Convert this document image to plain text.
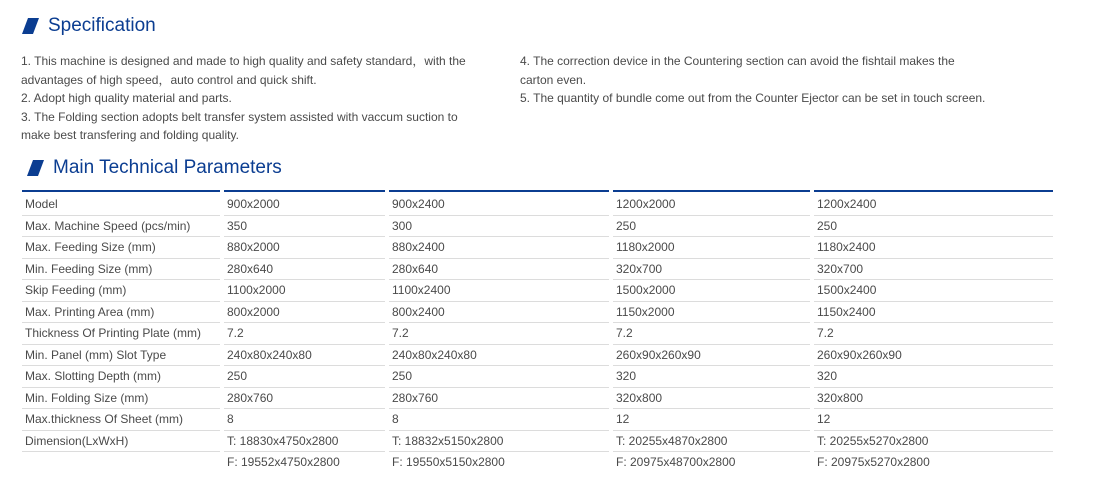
Specification

1. This machine is designed and made to high quality and safety standard，with the advantages of high speed，auto control and quick shift.

2. Adopt high quality material and parts.

3. The Folding section adopts belt transfer system assisted with vaccum suction to make best transfering and folding quality.

4. The correction device in the Countering section can avoid the fishtail makes the carton even.

5. The quantity of bundle come out from the Counter Ejector can be set in touch screen.

Main Technical Parameters

Model		900x2000		900x2400		1200x2000		1200x2400
Max. Machine Speed (pcs/min)		350		300		250		250
Max. Feeding Size (mm)		880x2000		880x2400		1180x2000		1180x2400
Min. Feeding Size (mm)		280x640		280x640		320x700		320x700
Skip Feeding (mm)		1100x2000		1100x2400		1500x2000		1500x2400
Max. Printing Area (mm)		800x2000		800x2400		1150x2000		1150x2400
Thickness Of Printing Plate (mm)		7.2		7.2		7.2		7.2
Min. Panel (mm) Slot Type		240x80x240x80		240x80x240x80		260x90x260x90		260x90x260x90
Max. Slotting Depth (mm)		250		250		320		320
Min. Folding Size (mm)		280x760		280x760		320x800		320x800
Max.thickness Of Sheet (mm)		8		8		12		12
Dimension(LxWxH)		T: 18830x4750x2800		T: 18832x5150x2800		T: 20255x4870x2800		T: 20255x5270x2800
		F: 19552x4750x2800		F: 19550x5150x2800		F: 20975x48700x2800		F: 20975x5270x2800
